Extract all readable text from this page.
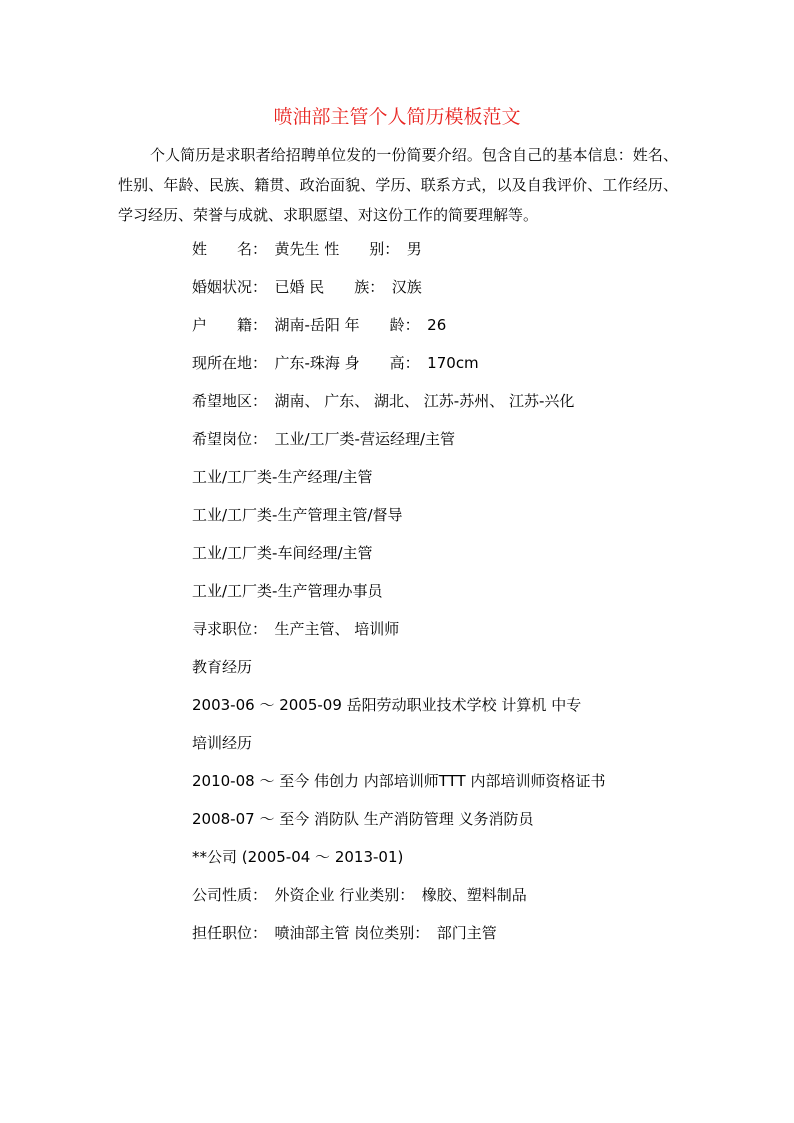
喷油部主管个人简历模板范文
个人简历是求职者给招聘单位发的一份简要介绍。包含自己的基本信息：姓名、性别、年龄、民族、籍贯、政治面貌、学历、联系方式，以及自我评价、工作经历、学习经历、荣誉与成就、求职愿望、对这份工作的简要理解等。
姓　　名：　黄先生 性　　别：　男
婚姻状况：　已婚 民　　族：　汉族
户　　籍：　湖南-岳阳 年　　龄：　26
现所在地：　广东-珠海 身　　高：　170cm
希望地区：　湖南、 广东、 湖北、 江苏-苏州、 江苏-兴化
希望岗位：　工业/工厂类-营运经理/主管
工业/工厂类-生产经理/主管
工业/工厂类-生产管理主管/督导
工业/工厂类-车间经理/主管
工业/工厂类-生产管理办事员
寻求职位：　生产主管、 培训师
教育经历
2003-06 ～ 2005-09 岳阳劳动职业技术学校 计算机 中专
培训经历
2010-08 ～ 至今 伟创力 内部培训师TTT 内部培训师资格证书
2008-07 ～ 至今 消防队 生产消防管理 义务消防员
**公司 (2005-04 ～ 2013-01)
公司性质：　外资企业 行业类别：　橡胶、塑料制品
担任职位：　喷油部主管 岗位类别：　部门主管
